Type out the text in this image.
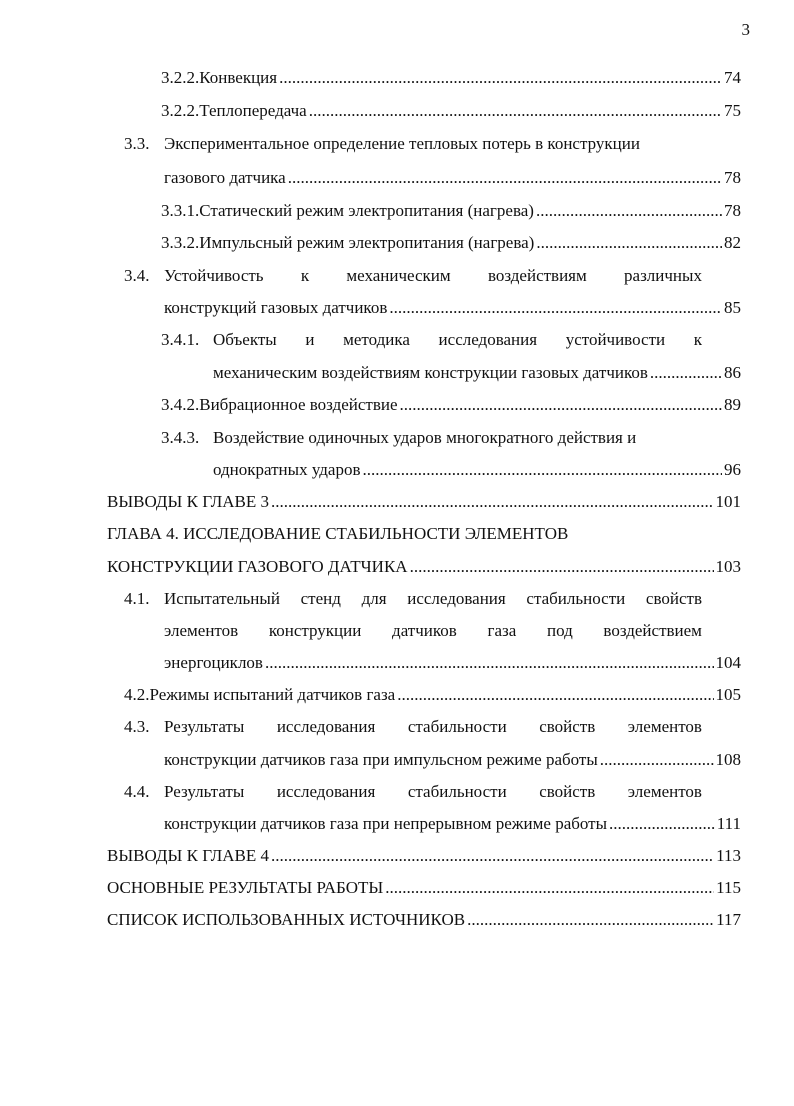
3
3.2.2. Конвекция .....	74
3.2.2. Теплопередача .....	75
3.3. Экспериментальное определение тепловых потерь в конструкции
газового датчика .....	78
3.3.1. Статический режим электропитания (нагрева) .....	78
3.3.2. Импульсный режим электропитания (нагрева) .....	82
3.4. Устойчивость к механическим воздействиям различных
конструкций газовых датчиков .....	85
3.4.1. Объекты и методика исследования устойчивости к
механическим воздействиям конструкции газовых датчиков .....	86
3.4.2. Вибрационное воздействие .....	89
3.4.3. Воздействие одиночных ударов многократного действия и
однократных ударов .....	96
ВЫВОДЫ К ГЛАВЕ 3 .....	101
ГЛАВА 4. ИССЛЕДОВАНИЕ СТАБИЛЬНОСТИ ЭЛЕМЕНТОВ
КОНСТРУКЦИИ ГАЗОВОГО ДАТЧИКА .....	103
4.1. Испытательный стенд для исследования стабильности свойств
элементов конструкции датчиков газа под воздействием
энергоциклов .....	104
4.2. Режимы испытаний датчиков газа .....	105
4.3. Результаты исследования стабильности свойств элементов
конструкции датчиков газа при импульсном режиме работы .....	108
4.4. Результаты исследования стабильности свойств элементов
конструкции датчиков газа при непрерывном режиме работы .....	111
ВЫВОДЫ К ГЛАВЕ 4 .....	113
ОСНОВНЫЕ РЕЗУЛЬТАТЫ РАБОТЫ .....	115
СПИСОК ИСПОЛЬЗОВАННЫХ ИСТОЧНИКОВ .....	117
